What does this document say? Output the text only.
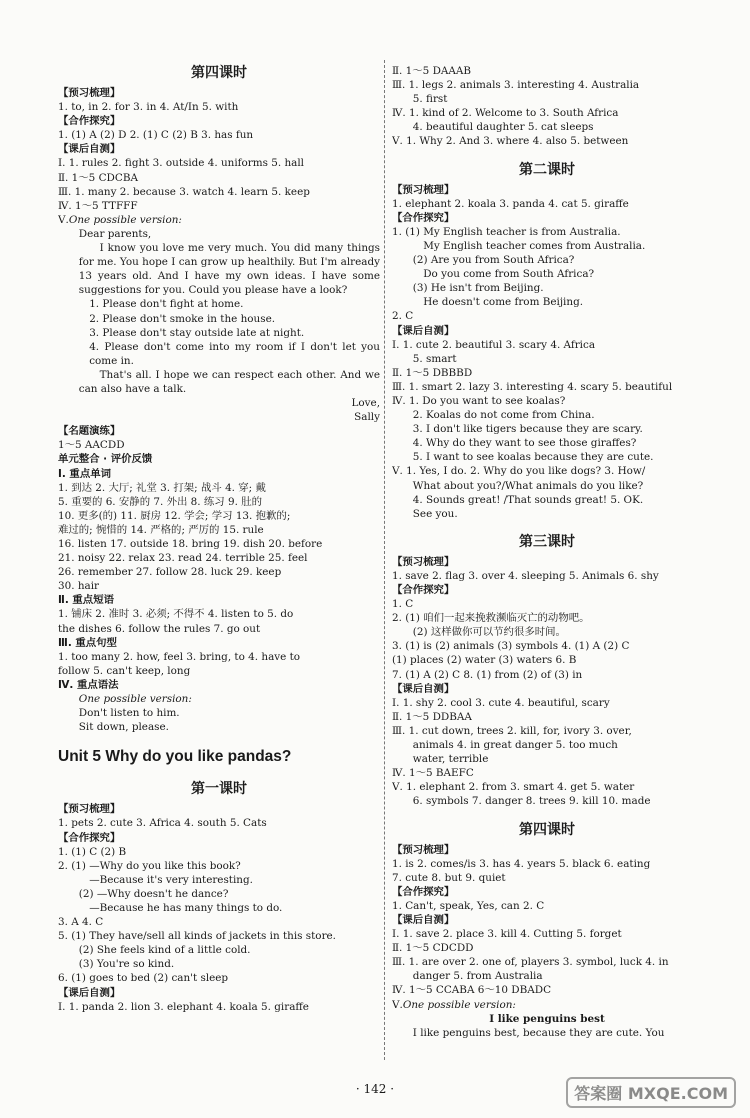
第四课时
【预习梳理】
1. to, in 2. for 3. in 4. At/In 5. with
【合作探究】
1. (1) A (2) D 2. (1) C (2) B 3. has fun
【课后自测】
Ⅰ. 1. rules 2. fight 3. outside 4. uniforms 5. hall
Ⅱ. 1～5 CDCBA
Ⅲ. 1. many 2. because 3. watch 4. learn 5. keep
Ⅳ. 1～5 TTFFF
Ⅴ.One possible version:
Dear parents,
I know you love me very much. You did many things for me. You hope I can grow up healthily. But I'm already 13 years old. And I have my own ideas. I have some suggestions for you. Could you please have a look?
1. Please don't fight at home.
2. Please don't smoke in the house.
3. Please don't stay outside late at night.
4. Please don't come into my room if I don't let you come in.
That's all. I hope we can respect each other. And we can also have a talk.
Love,
Sally
【名题演练】
1～5 AACDD
单元整合 · 评价反馈
Ⅰ. 重点单词
1. 到达 2. 大厅; 礼堂 3. 打架; 战斗 4. 穿; 戴
5. 重要的 6. 安静的 7. 外出 8. 练习 9. 肚的
10. 更多(的) 11. 厨房 12. 学会; 学习 13. 抱歉的;
难过的; 惋惜的 14. 严格的; 严厉的 15. rule
16. listen 17. outside 18. bring 19. dish 20. before
21. noisy 22. relax 23. read 24. terrible 25. feel
26. remember 27. follow 28. luck 29. keep
30. hair
Ⅱ. 重点短语
1. 铺床 2. 准时 3. 必须; 不得不 4. listen to 5. do
the dishes 6. follow the rules 7. go out
Ⅲ. 重点句型
1. too many 2. how, feel 3. bring, to 4. have to
follow 5. can't keep, long
Ⅳ. 重点语法
One possible version:
Don't listen to him.
Sit down, please.
Unit 5 Why do you like pandas?
第一课时
【预习梳理】
1. pets 2. cute 3. Africa 4. south 5. Cats
【合作探究】
1. (1) C (2) B
2. (1) —Why do you like this book?
—Because it's very interesting.
(2) —Why doesn't he dance?
—Because he has many things to do.
3. A 4. C
5. (1) They have/sell all kinds of jackets in this store.
(2) She feels kind of a little cold.
(3) You're so kind.
6. (1) goes to bed (2) can't sleep
【课后自测】
Ⅰ. 1. panda 2. lion 3. elephant 4. koala 5. giraffe
Ⅱ. 1～5 DAAAB
Ⅲ. 1. legs 2. animals 3. interesting 4. Australia
5. first
Ⅳ. 1. kind of 2. Welcome to 3. South Africa
4. beautiful daughter 5. cat sleeps
Ⅴ. 1. Why 2. And 3. where 4. also 5. between
第二课时
【预习梳理】
1. elephant 2. koala 3. panda 4. cat 5. giraffe
【合作探究】
1. (1) My English teacher is from Australia.
My English teacher comes from Australia.
(2) Are you from South Africa?
Do you come from South Africa?
(3) He isn't from Beijing.
He doesn't come from Beijing.
2. C
【课后自测】
Ⅰ. 1. cute 2. beautiful 3. scary 4. Africa
5. smart
Ⅱ. 1～5 DBBBD
Ⅲ. 1. smart 2. lazy 3. interesting 4. scary 5. beautiful
Ⅳ. 1. Do you want to see koalas?
2. Koalas do not come from China.
3. I don't like tigers because they are scary.
4. Why do they want to see those giraffes?
5. I want to see koalas because they are cute.
Ⅴ. 1. Yes, I do. 2. Why do you like dogs? 3. How/
What about you?/What animals do you like?
4. Sounds great! /That sounds great! 5. OK.
See you.
第三课时
【预习梳理】
1. save 2. flag 3. over 4. sleeping 5. Animals 6. shy
【合作探究】
1. C
2. (1) 咱们一起来挽救濒临灭亡的动物吧。
(2) 这样做你可以节约很多时间。
3. (1) is (2) animals (3) symbols 4. (1) A (2) C
(1) places (2) water (3) waters 6. B
7. (1) A (2) C 8. (1) from (2) of (3) in
【课后自测】
Ⅰ. 1. shy 2. cool 3. cute 4. beautiful, scary
Ⅱ. 1～5 DDBAA
Ⅲ. 1. cut down, trees 2. kill, for, ivory 3. over,
animals 4. in great danger 5. too much
water, terrible
Ⅳ. 1～5 BAEFC
Ⅴ. 1. elephant 2. from 3. smart 4. get 5. water
6. symbols 7. danger 8. trees 9. kill 10. made
第四课时
【预习梳理】
1. is 2. comes/is 3. has 4. years 5. black 6. eating
7. cute 8. but 9. quiet
【合作探究】
1. Can't, speak, Yes, can 2. C
【课后自测】
Ⅰ. 1. save 2. place 3. kill 4. Cutting 5. forget
Ⅱ. 1～5 CDCDD
Ⅲ. 1. are over 2. one of, players 3. symbol, luck 4. in
danger 5. from Australia
Ⅳ. 1～5 CCABA 6～10 DBADC
Ⅴ.One possible version:
I like penguins best
I like penguins best, because they are cute. You
· 142 ·	答案圈 MXQE.COM
